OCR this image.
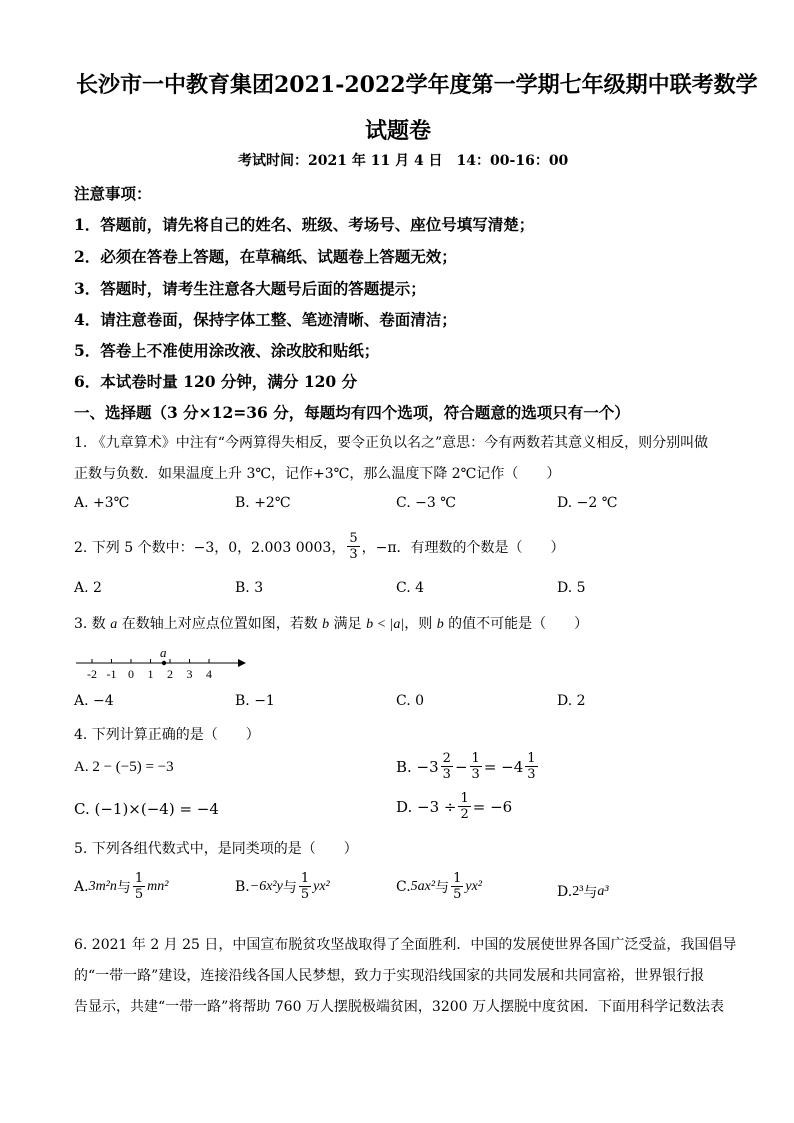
长沙市一中教育集团2021-2022学年度第一学期七年级期中联考数学
试题卷
考试时间：2021 年 11 月 4 日　14：00-16：00
注意事项：
1．答题前，请先将自己的姓名、班级、考场号、座位号填写清楚；
2．必须在答卷上答题，在草稿纸、试题卷上答题无效；
3．答题时，请考生注意各大题号后面的答题提示；
4．请注意卷面，保持字体工整、笔迹清晰、卷面清洁；
5．答卷上不准使用涂改液、涂改胶和贴纸；
6．本试卷时量 120 分钟，满分 120 分
一、选择题（3 分×12=36 分，每题均有四个选项，符合题意的选项只有一个）
1. 《九章算术》中注有“今两算得失相反，要令正负以名之”意思：今有两数若其意义相反，则分别叫做
正数与负数．如果温度上升 3℃，记作+3℃，那么温度下降 2℃记作（　　）
A. +3℃	B. +2℃	C. −3 ℃	D. −2 ℃
2. 下列 5 个数中：−3，0，2.003 0003， $\frac{5}{3}$ ，−π．有理数的个数是（　　）
A. 2	B. 3	C. 4	D. 5
3. 数 a 在数轴上对应点位置如图，若数 b 满足 b < |a|，则 b 的值不可能是（　　）
-2 -1 0 1 2 3 4
a
A. −4	B. −1	C. 0	D. 2
4. 下列计算正确的是（　　）
A. 2 − (−5) = −3	B. $-3 \frac{2}{3} - \frac{1}{3} = -4 \frac{1}{3}$
C. (−1)×(−4) = −4	D. $-3 \div \frac{1}{2} = -6$
5. 下列各组代数式中，是同类项的是（　　）
A. 3m²n 与 $\frac{1}{5} mn^2$	B. −6x²y 与 $\frac{1}{5} yx^2$	C. 5ax² 与 $\frac{1}{5} yx^2$	D. 2³ 与 a³
6. 2021 年 2 月 25 日，中国宣布脱贫攻坚战取得了全面胜利．中国的发展使世界各国广泛受益，我国倡导
的“一带一路”建设，连接沿线各国人民梦想，致力于实现沿线国家的共同发展和共同富裕，世界银行报
告显示，共建“一带一路”将帮助 760 万人摆脱极端贫困，3200 万人摆脱中度贫困．下面用科学记数法表
